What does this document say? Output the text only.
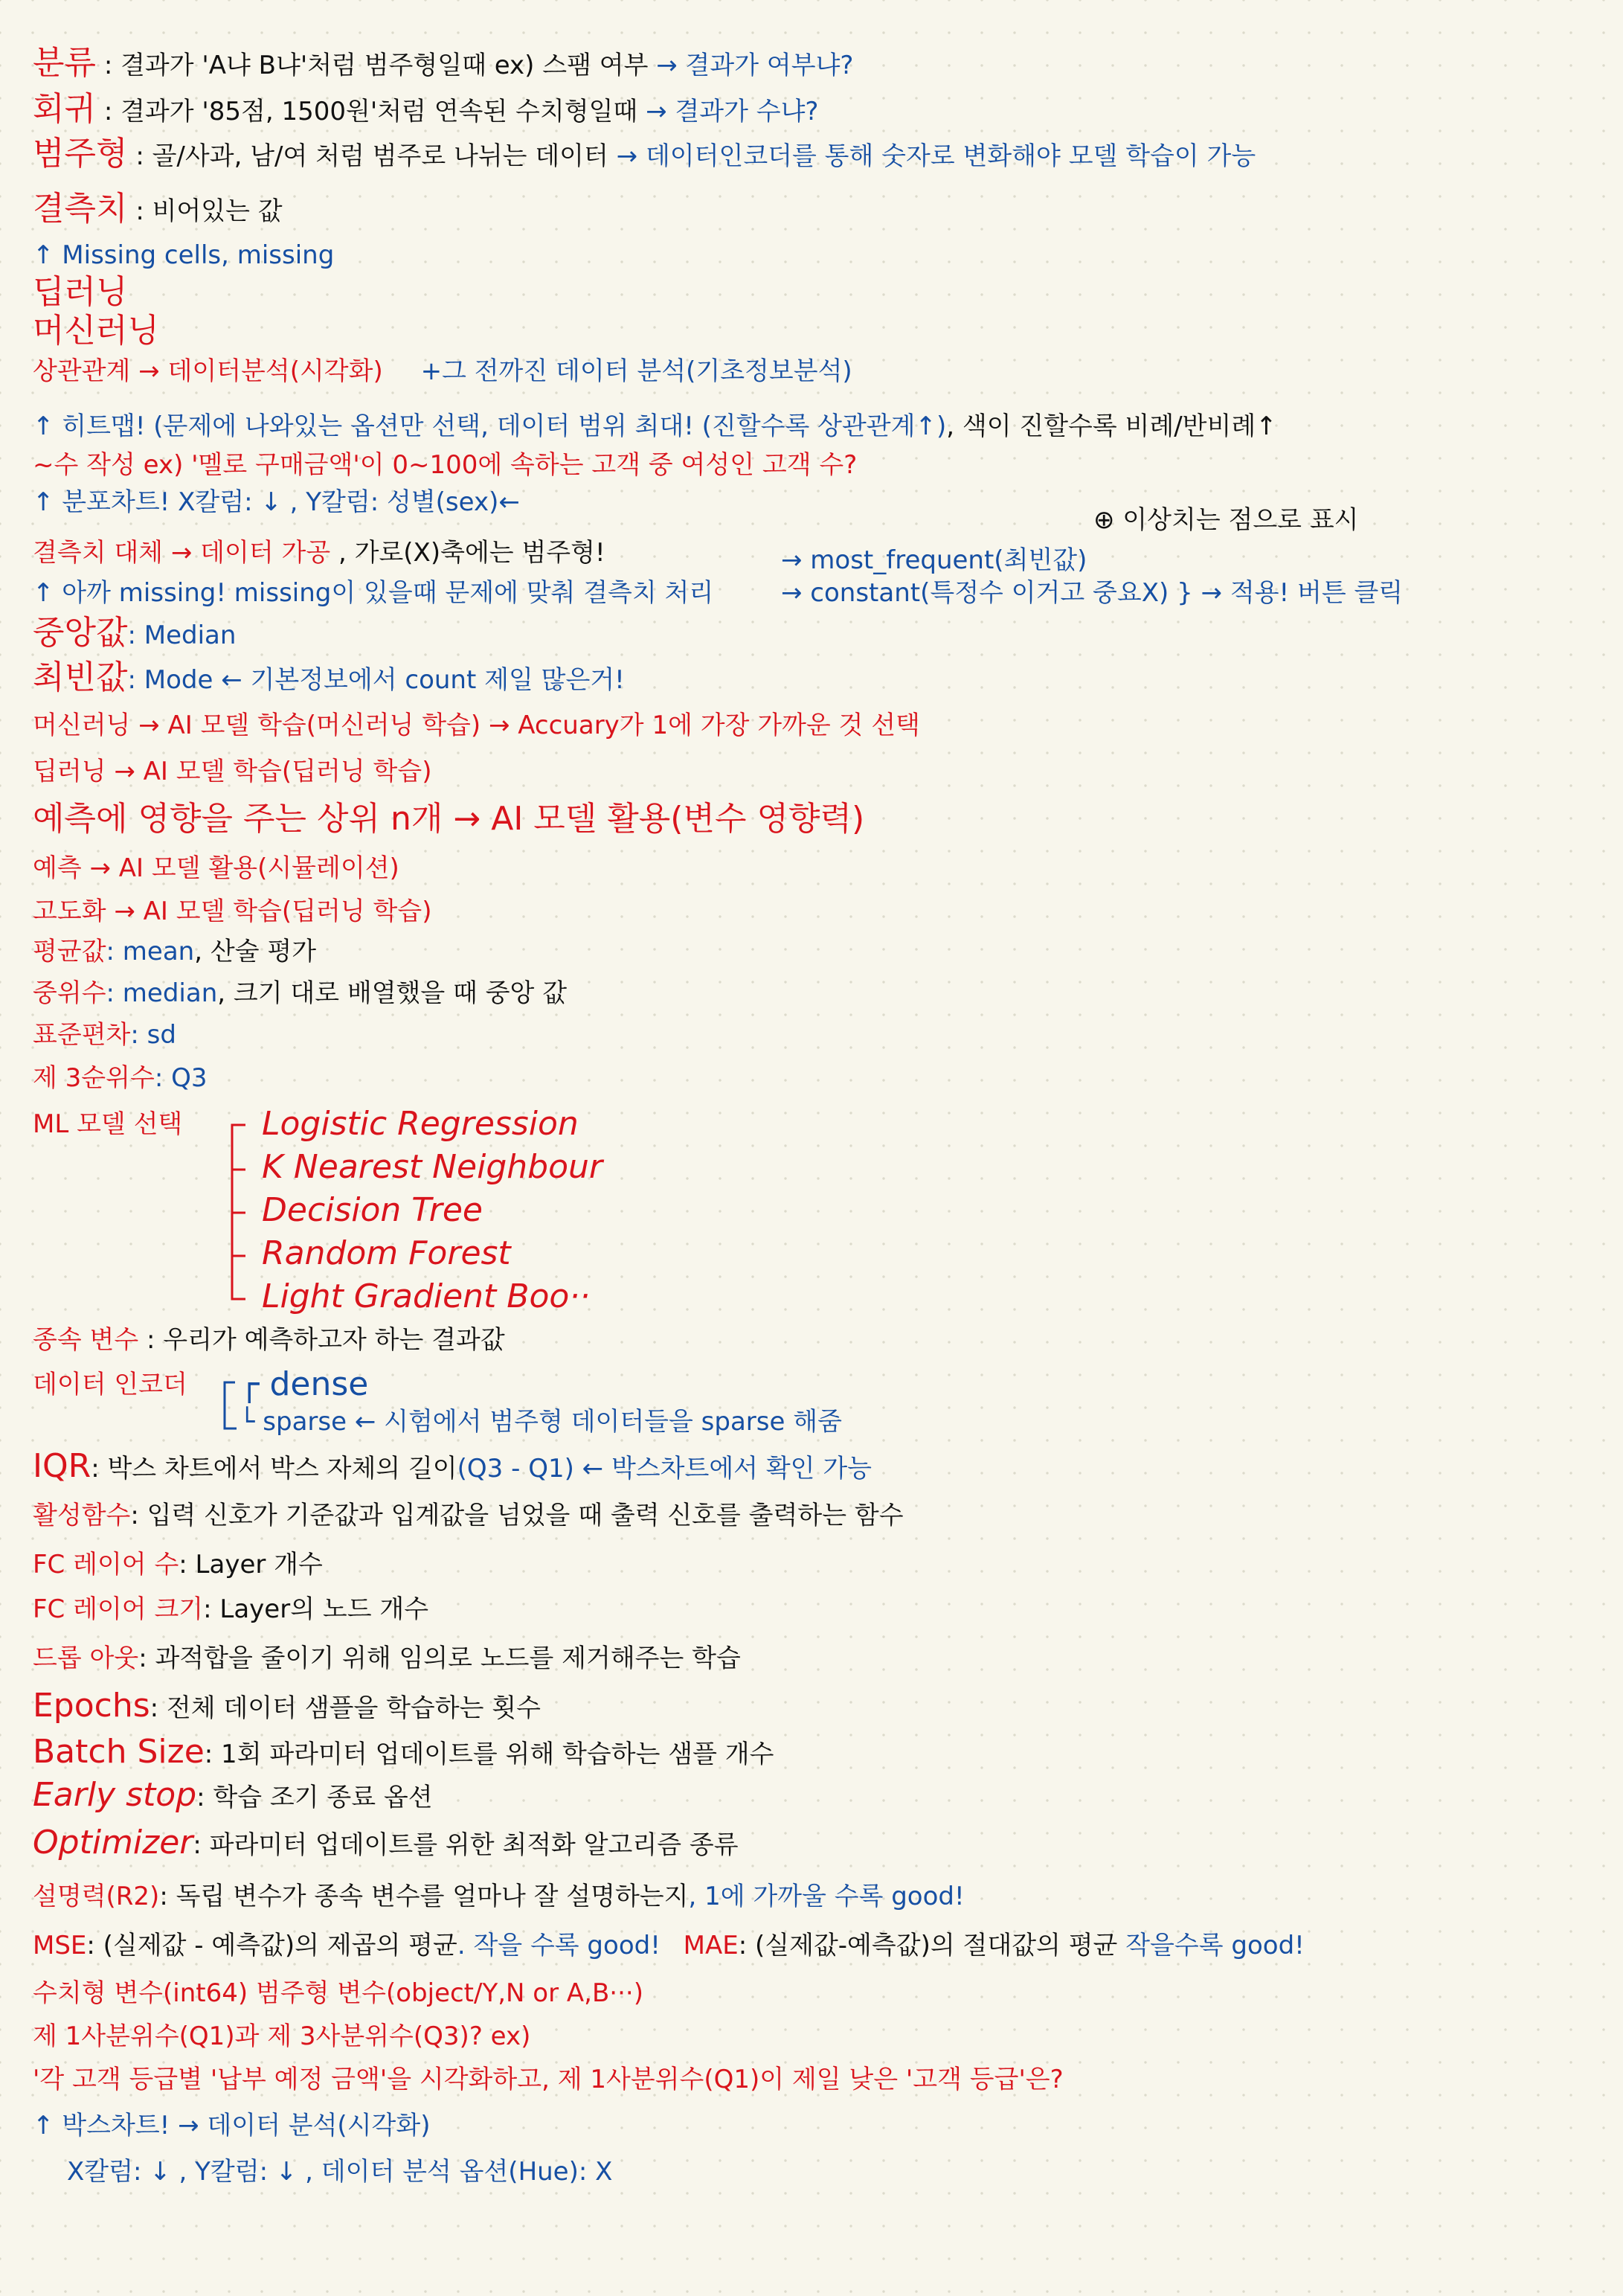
분류 : 결과가 'A냐 B냐'처럼 범주형일때 ex) 스팸 여부 → 결과가 여부냐?
회귀 : 결과가 '85점, 1500원'처럼 연속된 수치형일때 → 결과가 수냐?
범주형 : 골/사과, 남/여 처럼 범주로 나뉘는 데이터 → 데이터인코더를 통해 숫자로 변화해야 모델 학습이 가능
결측치 : 비어있는 값
↑ Missing cells, missing
딥러닝
머신러닝
상관관계 → 데이터분석(시각화) +그 전까진 데이터 분석(기초정보분석)
↑ 히트맵! (문제에 나와있는 옵션만 선택, 데이터 범위 최대! (진할수록 상관관계↑), 색이 진할수록 비례/반비례↑
~수 작성 ex) '멜로 구매금액'이 0~100에 속하는 고객 중 여성인 고객 수?
↑ 분포차트! X칼럼: ↓ , Y칼럼: 성별(sex)←
⊕ 이상치는 점으로 표시
결측치 대체 → 데이터 가공 , 가로(X)축에는 범주형!	→ most_frequent(최빈값)
↑ 아까 missing! missing이 있을때 문제에 맞춰 결측치 처리	→ constant(특정수 이거고 중요X) } → 적용! 버튼 클릭
중앙값: Median
최빈값: Mode ← 기본정보에서 count 제일 많은거!
머신러닝 → AI 모델 학습(머신러닝 학습) → Accuary가 1에 가장 가까운 것 선택
딥러닝 → AI 모델 학습(딥러닝 학습)
예측에 영향을 주는 상위 n개 → AI 모델 활용(변수 영향력)
예측 → AI 모델 활용(시뮬레이션)
고도화 → AI 모델 학습(딥러닝 학습)
평균값: mean, 산술 평가
중위수: median, 크기 대로 배열했을 때 중앙 값
표준편차: sd
제 3순위수: Q3
ML 모델 선택 Logistic Regression
K Nearest Neighbour
Decision Tree
Random Forest
Light Gradient Boo··
종속 변수 : 우리가 예측하고자 하는 결과값
데이터 인코더 ┌ dense
└ sparse ← 시험에서 범주형 데이터들을 sparse 해줌
IQR: 박스 차트에서 박스 자체의 길이(Q3 - Q1) ← 박스차트에서 확인 가능
활성함수: 입력 신호가 기준값과 입계값을 넘었을 때 출력 신호를 출력하는 함수
FC 레이어 수: Layer 개수
FC 레이어 크기: Layer의 노드 개수
드롭 아웃: 과적합을 줄이기 위해 임의로 노드를 제거해주는 학습
Epochs: 전체 데이터 샘플을 학습하는 횟수
Batch Size: 1회 파라미터 업데이트를 위해 학습하는 샘플 개수
Early stop: 학습 조기 종료 옵션
Optimizer: 파라미터 업데이트를 위한 최적화 알고리즘 종류
설명력(R2): 독립 변수가 종속 변수를 얼마나 잘 설명하는지, 1에 가까울 수록 good!
MSE: (실제값 - 예측값)의 제곱의 평균. 작을 수록 good! MAE: (실제값-예측값)의 절대값의 평균 작을수록 good!
수치형 변수(int64) 범주형 변수(object/Y,N or A,B···)
제 1사분위수(Q1)과 제 3사분위수(Q3)? ex)
'각 고객 등급별 '납부 예정 금액'을 시각화하고, 제 1사분위수(Q1)이 제일 낮은 '고객 등급'은?
↑ 박스차트! → 데이터 분석(시각화)
X칼럼: ↓ , Y칼럼: ↓ , 데이터 분석 옵션(Hue): X
